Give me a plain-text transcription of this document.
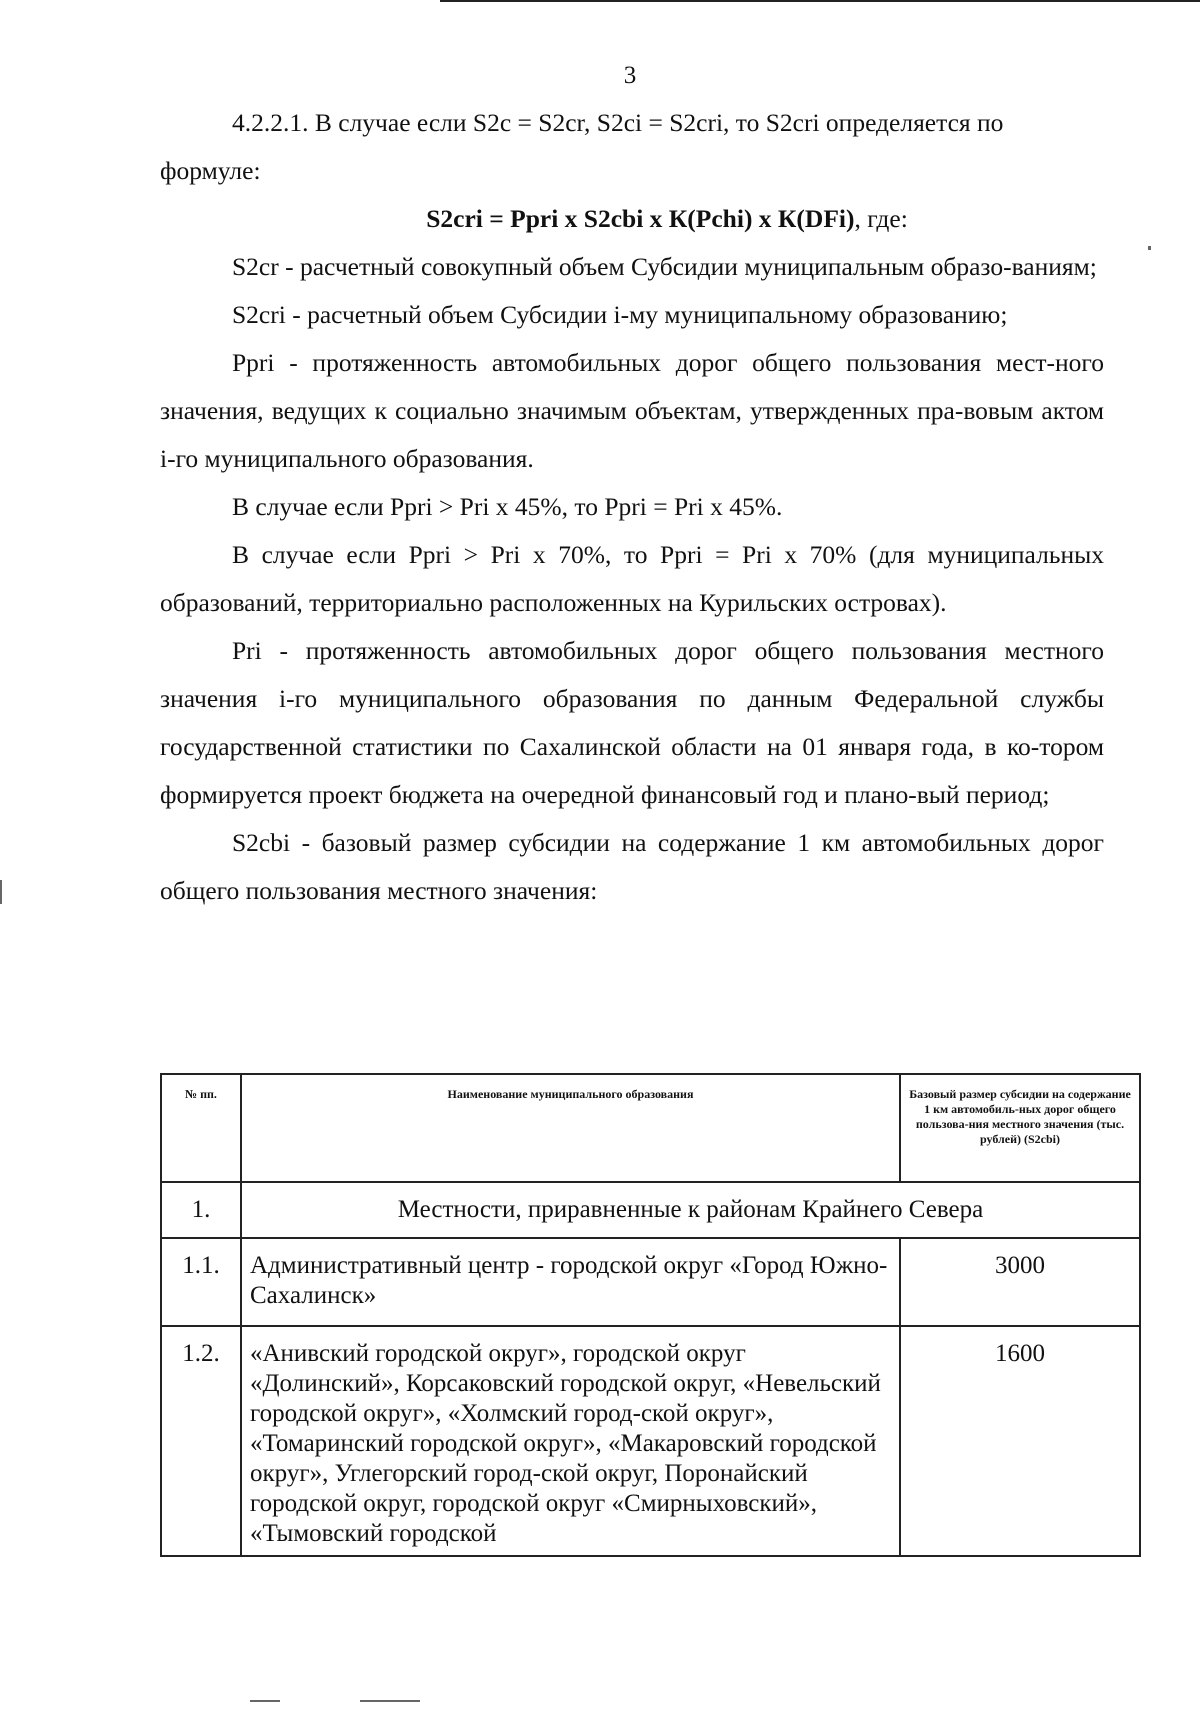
3

4.2.2.1. В случае если S2c = S2cr, S2ci = S2cri, то S2cri определяется по

формуле:

S2cri = Ppri x S2cbi x К(Pchi) x К(DFi), где:

S2cr - расчетный совокупный объем Субсидии муниципальным образо-ваниям;

S2cri - расчетный объем Субсидии i-му муниципальному образованию;

Ppri - протяженность автомобильных дорог общего пользования мест-ного значения, ведущих к социально значимым объектам, утвержденных пра-вовым актом i-го муниципального образования.

В случае если Ppri > Pri x 45%, то Ppri = Pri x 45%.

В случае если Ppri > Pri x 70%, то Ppri = Pri x 70% (для муниципальных образований, территориально расположенных на Курильских островах).

Pri - протяженность автомобильных дорог общего пользования местного значения i-го муниципального образования по данным Федеральной службы государственной статистики по Сахалинской области на 01 января года, в ко-тором формируется проект бюджета на очередной финансовый год и плано-вый период;

S2cbi - базовый размер субсидии на содержание 1 км автомобильных дорог общего пользования местного значения:

№ пп.	Наименование муниципального образования	Базовый размер субсидии на содержание 1 км автомобиль-ных дорог общего пользова-ния местного значения (тыс. рублей) (S2cbi)
1.	Местности, приравненные к районам Крайнего Севера	
1.1.	Административный центр - городской округ «Город Южно-Сахалинск»	3000
1.2.	«Анивский городской округ», городской округ «Долинский», Корсаковский городской округ, «Невельский городской округ», «Холмский город-ской округ», «Томаринский городской округ», «Макаровский городской округ», Углегорский город-ской округ, Поронайский городской округ, городской округ «Смирныховский», «Тымовский городской	1600
